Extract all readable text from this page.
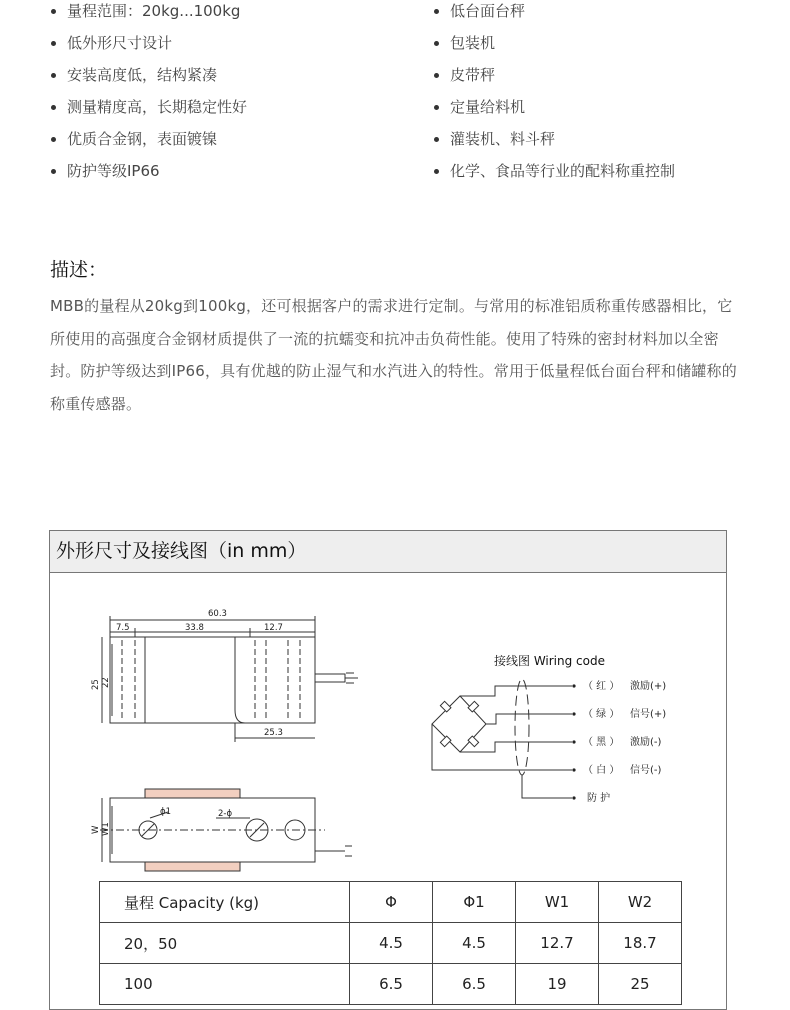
量程范围：20kg...100kg
低外形尺寸设计
安装高度低，结构紧凑
测量精度高，长期稳定性好
优质合金钢，表面镀镍
防护等级IP66
低台面台秤
包装机
皮带秤
定量给料机
灌装机、料斗秤
化学、食品等行业的配料称重控制
描述：

MBB的量程从20kg到100kg，还可根据客户的需求进行定制。与常用的标准铝质称重传感器相比，它所使用的高强度合金钢材质提供了一流的抗蠕变和抗冲击负荷性能。使用了特殊的密封材料加以全密封。防护等级达到IP66，具有优越的防止湿气和水汽进入的特性。常用于低量程低台面台秤和储罐称的称重传感器。

外形尺寸及接线图（in mm）
60.3
7.5	33.8	12.7
25.3
25 22
ϕ1	2-ϕ
W W1
接线图 Wiring code
（ 红 ） 激励(+)
（ 绿 ） 信号(+)
（ 黑 ） 激励(-)
（ 白 ） 信号(-)
防 护
量程 Capacity (kg)	Φ	Φ1	W1	W2
20，50	4.5	4.5	12.7	18.7
100	6.5	6.5	19	25
